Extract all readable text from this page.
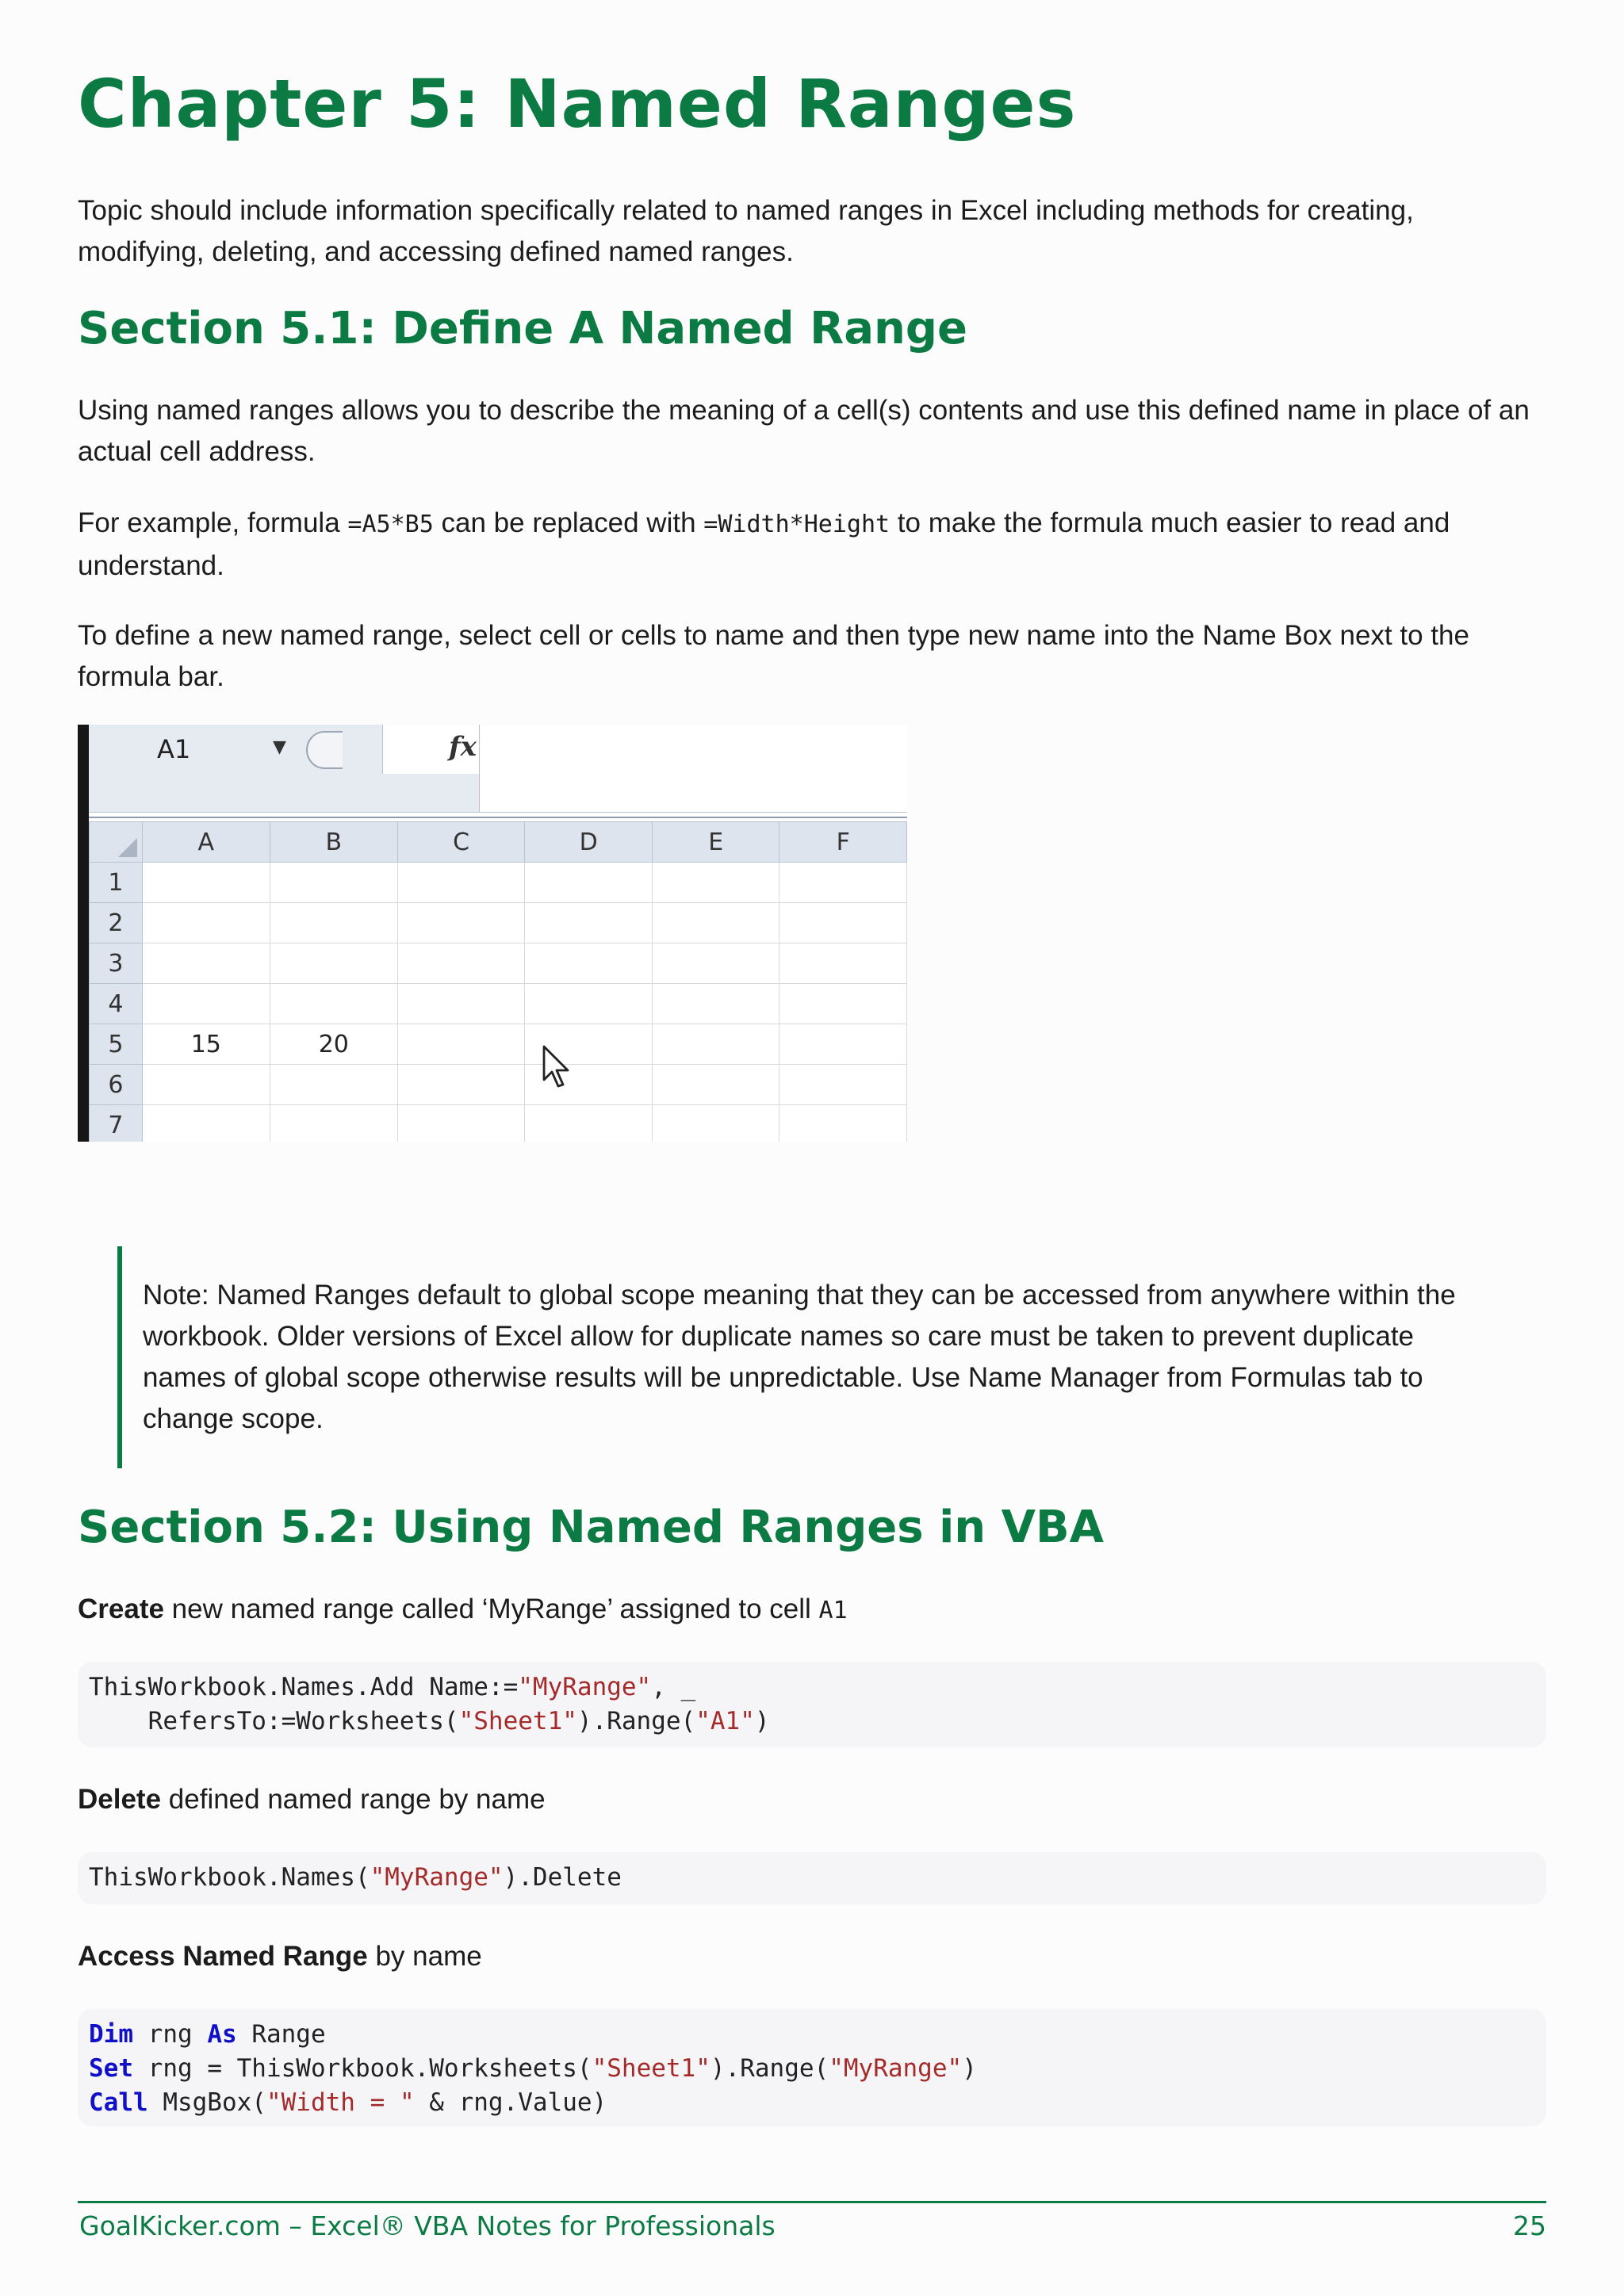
Chapter 5: Named Ranges

Topic should include information specifically related to named ranges in Excel including methods for creating, modifying, deleting, and accessing defined named ranges.

Section 5.1: Define A Named Range

Using named ranges allows you to describe the meaning of a cell(s) contents and use this defined name in place of an actual cell address.

For example, formula =A5*B5 can be replaced with =Width*Height to make the formula much easier to read and understand.

To define a new named range, select cell or cells to name and then type new name into the Name Box next to the formula bar.

A1	▼	fx
	A	B	C	D	E	F
1						
2						
3						
4						
5	15	20				
6						
7						

Note: Named Ranges default to global scope meaning that they can be accessed from anywhere within the workbook. Older versions of Excel allow for duplicate names so care must be taken to prevent duplicate names of global scope otherwise results will be unpredictable. Use Name Manager from Formulas tab to change scope.

Section 5.2: Using Named Ranges in VBA

Create new named range called ‘MyRange’ assigned to cell A1

ThisWorkbook.Names.Add Name:="MyRange", _
RefersTo:=Worksheets("Sheet1").Range("A1")

Delete defined named range by name

ThisWorkbook.Names("MyRange").Delete

Access Named Range by name

Dim rng As Range
Set rng = ThisWorkbook.Worksheets("Sheet1").Range("MyRange")
Call MsgBox("Width = " & rng.Value)
GoalKicker.com – Excel® VBA Notes for Professionals	25
